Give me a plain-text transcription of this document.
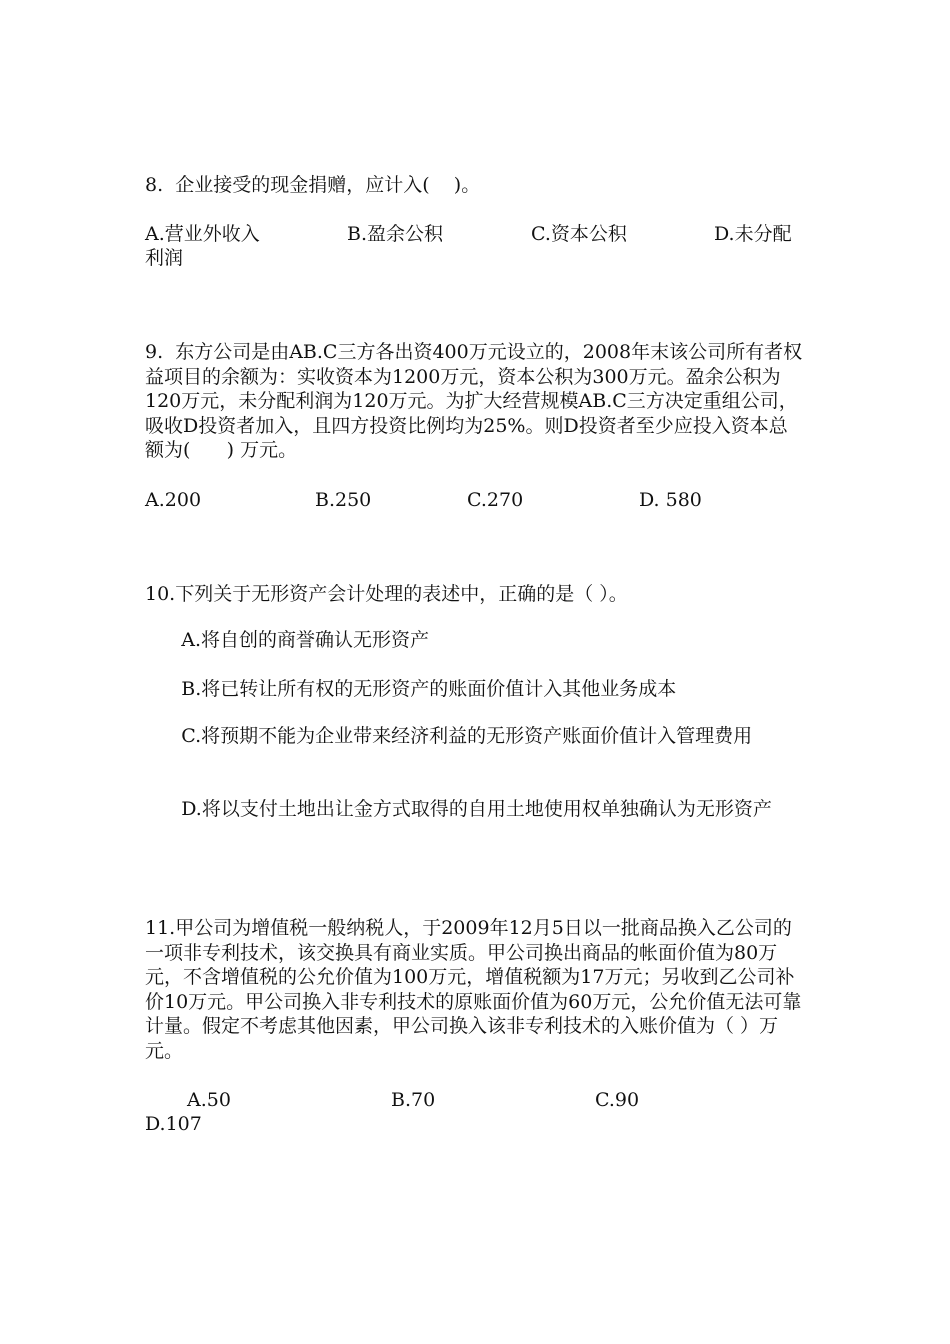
8.  企业接受的现金捐赠，应计入(    )。

A.营业外收入	B.盈余公积	C.资本公积	D.未分配
利润

9.  东方公司是由AB.C三方各出资400万元设立的，2008年末该公司所有者权益项目的余额为：实收资本为1200万元，资本公积为300万元。盈余公积为120万元，未分配利润为120万元。为扩大经营规模AB.C三方决定重组公司，吸收D投资者加入，且四方投资比例均为25%。则D投资者至少应投入资本总额为(      ) 万元。

A.200	B.250	C.270	D. 580

10.下列关于无形资产会计处理的表述中，正确的是（ ）。

A.将自创的商誉确认无形资产

B.将已转让所有权的无形资产的账面价值计入其他业务成本

C.将预期不能为企业带来经济利益的无形资产账面价值计入管理费用

D.将以支付土地出让金方式取得的自用土地使用权单独确认为无形资产

11.甲公司为增值税一般纳税人，于2009年12月5日以一批商品换入乙公司的一项非专利技术，该交换具有商业实质。甲公司换出商品的帐面价值为80万元，不含增值税的公允价值为100万元，增值税额为17万元；另收到乙公司补价10万元。甲公司换入非专利技术的原账面价值为60万元，公允价值无法可靠计量。假定不考虑其他因素，甲公司换入该非专利技术的入账价值为（ ）万元。

A.50	B.70	C.90
D.107
